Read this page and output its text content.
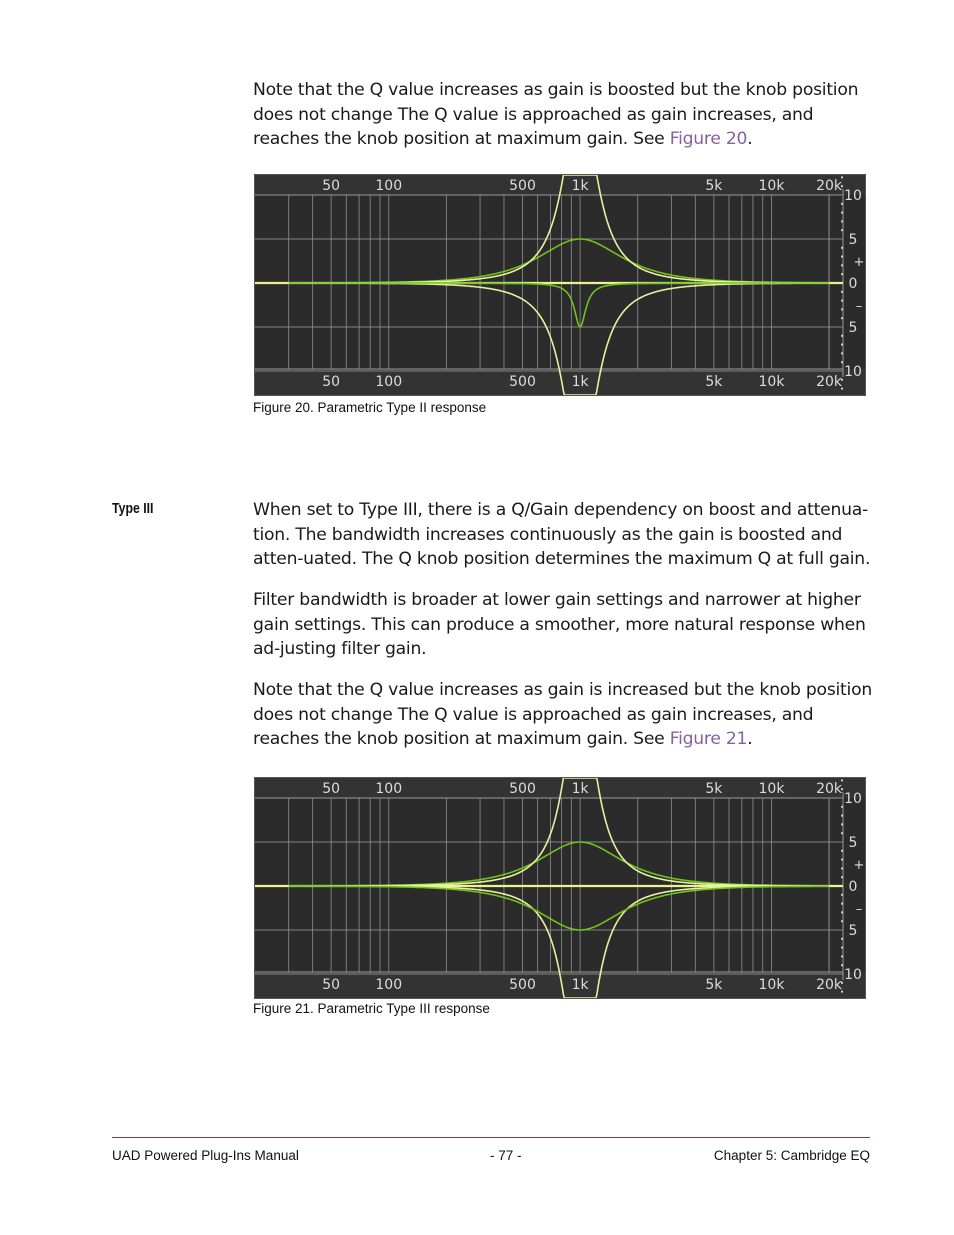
Note that the Q value increases as gain is boosted but the knob position does not change The Q value is approached as gain increases, and reaches the knob position at maximum gain. See Figure 20.

50
50
100
100
500
500
1k
1k
5k
5k
10k
10k
20k
20k
10
5
0
5
10
+
–
Figure 20. Parametric Type II response
Type III	When set to Type III, there is a Q/Gain dependency on boost and attenua-tion. The bandwidth increases continuously as the gain is boosted and atten-uated. The Q knob position determines the maximum Q at full gain.

Filter bandwidth is broader at lower gain settings and narrower at higher gain settings. This can produce a smoother, more natural response when ad-justing filter gain.

Note that the Q value increases as gain is increased but the knob position does not change The Q value is approached as gain increases, and reaches the knob position at maximum gain. See Figure 21.

50
50
100
100
500
500
1k
1k
5k
5k
10k
10k
20k
20k
10
5
0
5
10
+
–
Figure 21. Parametric Type III response
UAD Powered Plug-Ins Manual	- 77 -	Chapter 5: Cambridge EQ
